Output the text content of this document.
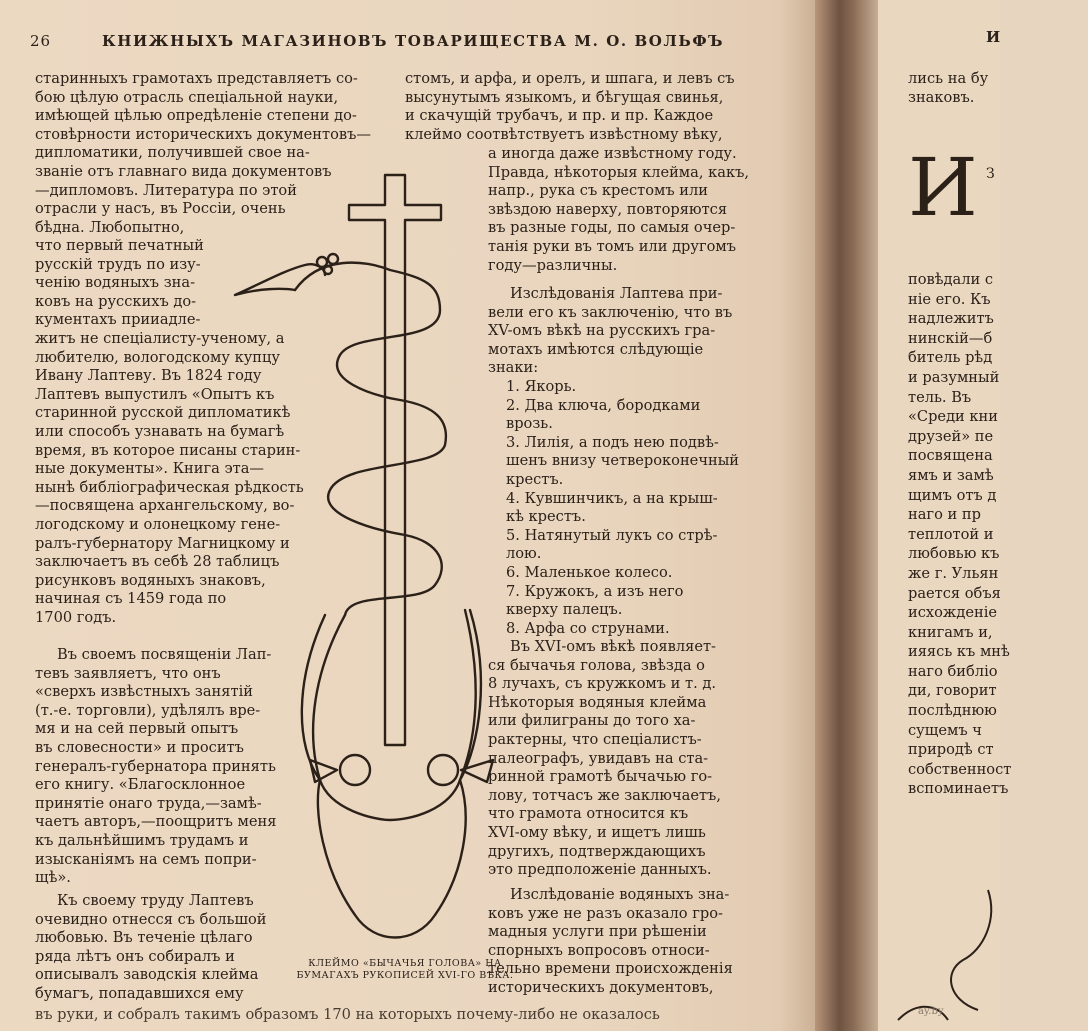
26	КНИЖНЫХЪ МАГАЗИНОВЪ ТОВАРИЩЕСТВА М. О. ВОЛЬФЪ

старинныхъ грамотахъ представляетъ со-

бою цѣлую отрасль спеціальной науки,

имѣющей цѣлью опредѣленіе степени до-

стовѣрности историческихъ документовъ—

дипломатики, получившей свое на-

званіе отъ главнаго вида документовъ

—дипломовъ. Литература по этой

отрасли у насъ, въ Россіи, очень

бѣдна. Любопытно,

что первый печатный

русскій трудъ по изу-

ченію водяныхъ зна-

ковъ на русскихъ до-

кументахъ прииадле-

житъ не спеціалисту-ученому, а

любителю, вологодскому купцу

Ивану Лаптеву. Въ 1824 году

Лаптевъ выпустилъ «Опытъ къ

старинной русской дипломатикѣ

или способъ узнавать на бумагѣ

время, въ которое писаны старин-

ные документы». Книга эта—

нынѣ библіографическая рѣдкость

—посвящена архангельскому, во-

логодскому и олонецкому гене-

ралъ-губернатору Магницкому и

заключаетъ въ себѣ 28 таблицъ

рисунковъ водяныхъ знаковъ,

начиная съ 1459 года по

1700 годъ.

Въ своемъ посвященіи Лап-

тевъ заявляетъ, что онъ

«сверхъ извѣстныхъ занятій

(т.-е. торговли), удѣлялъ вре-

мя и на сей первый опытъ

въ словесности» и проситъ

генералъ-губернатора принять

его книгу. «Благосклонное

принятіе онаго труда,—замѣ-

чаетъ авторъ,—поощритъ меня

къ дальнѣйшимъ трудамъ и

изысканіямъ на семъ попри-

щѣ».

Къ своему труду Лаптевъ

очевидно отнесся съ большой

любовью. Въ теченіе цѣлаго

ряда лѣтъ онъ собиралъ и

описывалъ заводскія клейма

бумагъ, попадавшихся ему

стомъ, и арфа, и орелъ, и шпага, и левъ съ

высунутымъ языкомъ, и бѣгущая свинья,

и скачущій трубачъ, и пр. и пр. Каждое

клеймо соотвѣтствуетъ извѣстному вѣку,

а иногда даже извѣстному году.

Правда, нѣкоторыя клейма, какъ,

напр., рука съ крестомъ или

звѣздою наверху, повторяются

въ разные годы, по самыя очер-

танія руки въ томъ или другомъ

году—различны.

Изслѣдованія Лаптева при-

вели его къ заключенію, что въ

XV-омъ вѣкѣ на русскихъ гра-

мотахъ имѣются слѣдующіе

знаки:

1. Якорь.

2. Два ключа, бородками

врозь.

3. Лилія, а подъ нею подвѣ-

шенъ внизу четвероконечный

крестъ.

4. Кувшинчикъ, а на крыш-

кѣ крестъ.

5. Натянутый лукъ со стрѣ-

лою.

6. Маленькое колесо.

7. Кружокъ, а изъ него

кверху палецъ.

8. Арфа со струнами.

Въ XVI-омъ вѣкѣ появляет-

ся бычачья голова, звѣзда о

8 лучахъ, съ кружкомъ и т. д.

Нѣкоторыя водяныя клейма

или филиграны до того ха-

рактерны, что спеціалистъ-

палеографъ, увидавъ на ста-

ринной грамотѣ бычачью го-

лову, тотчасъ же заключаетъ,

что грамота относится къ

XVI-ому вѣку, и ищетъ лишь

другихъ, подтверждающихъ

это предположеніе данныхъ.

Изслѣдованіе водяныхъ зна-

ковъ уже не разъ оказало гро-

мадныя услуги при рѣшеніи

спорныхъ вопросовъ относи-

тельно времени происхожденія

историческихъ документовъ,

КЛЕЙМО «БЫЧАЧЬЯ ГОЛОВА» НА БУМАГАХЪ РУКОПИСЕЙ XVI-ГО ВѢКА.
въ руки, и собралъ такимъ образомъ 170 на которыхъ почему-либо не оказалось
И

лись на бу

знаковъ.

И З

повѣдали с

ніе его. Къ

надлежитъ

нинскій—б

битель рѣд

и разумный

тель. Въ

«Среди кни

друзей» пе

посвящена

ямъ и замѣ

щимъ отъ д

наго и пр

теплотой и

любовью къ

же г. Ульян

рается объя

исхожденіе

книгамъ и,

ияясь къ мнѣ

наго библіо

ди, говорит

послѣднюю

сущемъ ч

природѣ ст

собственност

вспоминаетъ

ay.by
